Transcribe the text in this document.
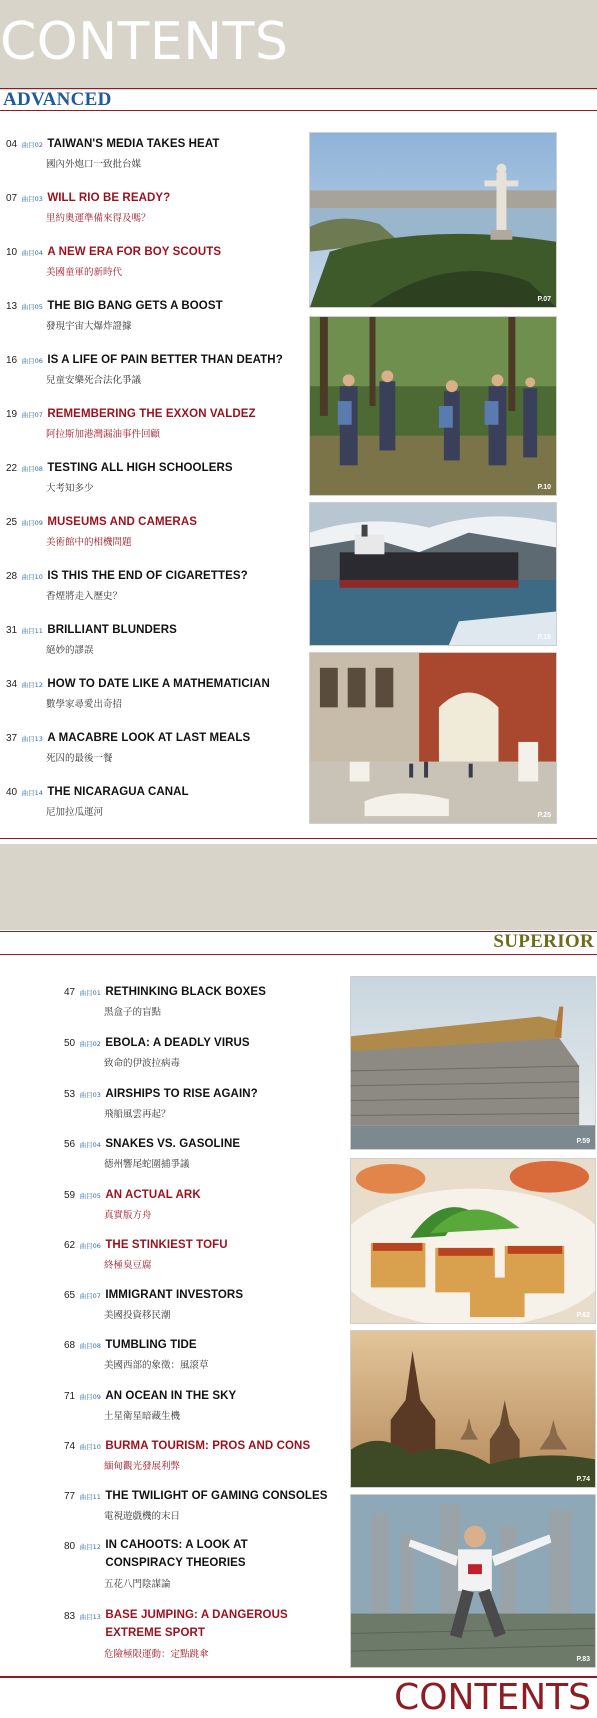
CONTENTS
ADVANCED
04 曲目02 TAIWAN'S MEDIA TAKES HEAT
國內外炮口一致批台媒
07 曲目03 WILL RIO BE READY?
里約奧運準備來得及嗎？
10 曲目04 A NEW ERA FOR BOY SCOUTS
美國童軍的新時代
13 曲目05 THE BIG BANG GETS A BOOST
發現宇宙大爆炸證據
16 曲目06 IS A LIFE OF PAIN BETTER THAN DEATH?
兒童安樂死合法化爭議
19 曲目07 REMEMBERING THE EXXON VALDEZ
阿拉斯加港灣漏油事件回顧
22 曲目08 TESTING ALL HIGH SCHOOLERS
大考知多少
25 曲目09 MUSEUMS AND CAMERAS
美術館中的相機問題
28 曲目10 IS THIS THE END OF CIGARETTES?
香煙將走入歷史？
31 曲目11 BRILLIANT BLUNDERS
絕妙的謬誤
34 曲目12 HOW TO DATE LIKE A MATHEMATICIAN
數學家尋愛出奇招
37 曲目13 A MACABRE LOOK AT LAST MEALS
死囚的最後一餐
40 曲目14 THE NICARAGUA CANAL
尼加拉瓜運河
P.07
P.10
P.19
P.25
SUPERIOR
47 曲目01 RETHINKING BLACK BOXES
黑盒子的盲點
50 曲目02 EBOLA: A DEADLY VIRUS
致命的伊波拉病毒
53 曲目03 AIRSHIPS TO RISE AGAIN?
飛船風雲再起？
56 曲目04 SNAKES VS. GASOLINE
德州響尾蛇圍捕爭議
59 曲目05 AN ACTUAL ARK
真實版方舟
62 曲目06 THE STINKIEST TOFU
終極臭豆腐
65 曲目07 IMMIGRANT INVESTORS
美國投資移民潮
68 曲目08 TUMBLING TIDE
美國西部的象徵：風滾草
71 曲目09 AN OCEAN IN THE SKY
土星衛星暗藏生機
74 曲目10 BURMA TOURISM: PROS AND CONS
緬甸觀光發展利弊
77 曲目11 THE TWILIGHT OF GAMING CONSOLES
電視遊戲機的末日
80 曲目12 IN CAHOOTS: A LOOK AT CONSPIRACY THEORIES
五花八門陰謀論
83 曲目13 BASE JUMPING: A DANGEROUS EXTREME SPORT
危險極限運動：定點跳傘
P.59
P.62
P.74
P.83
CONTENTS
